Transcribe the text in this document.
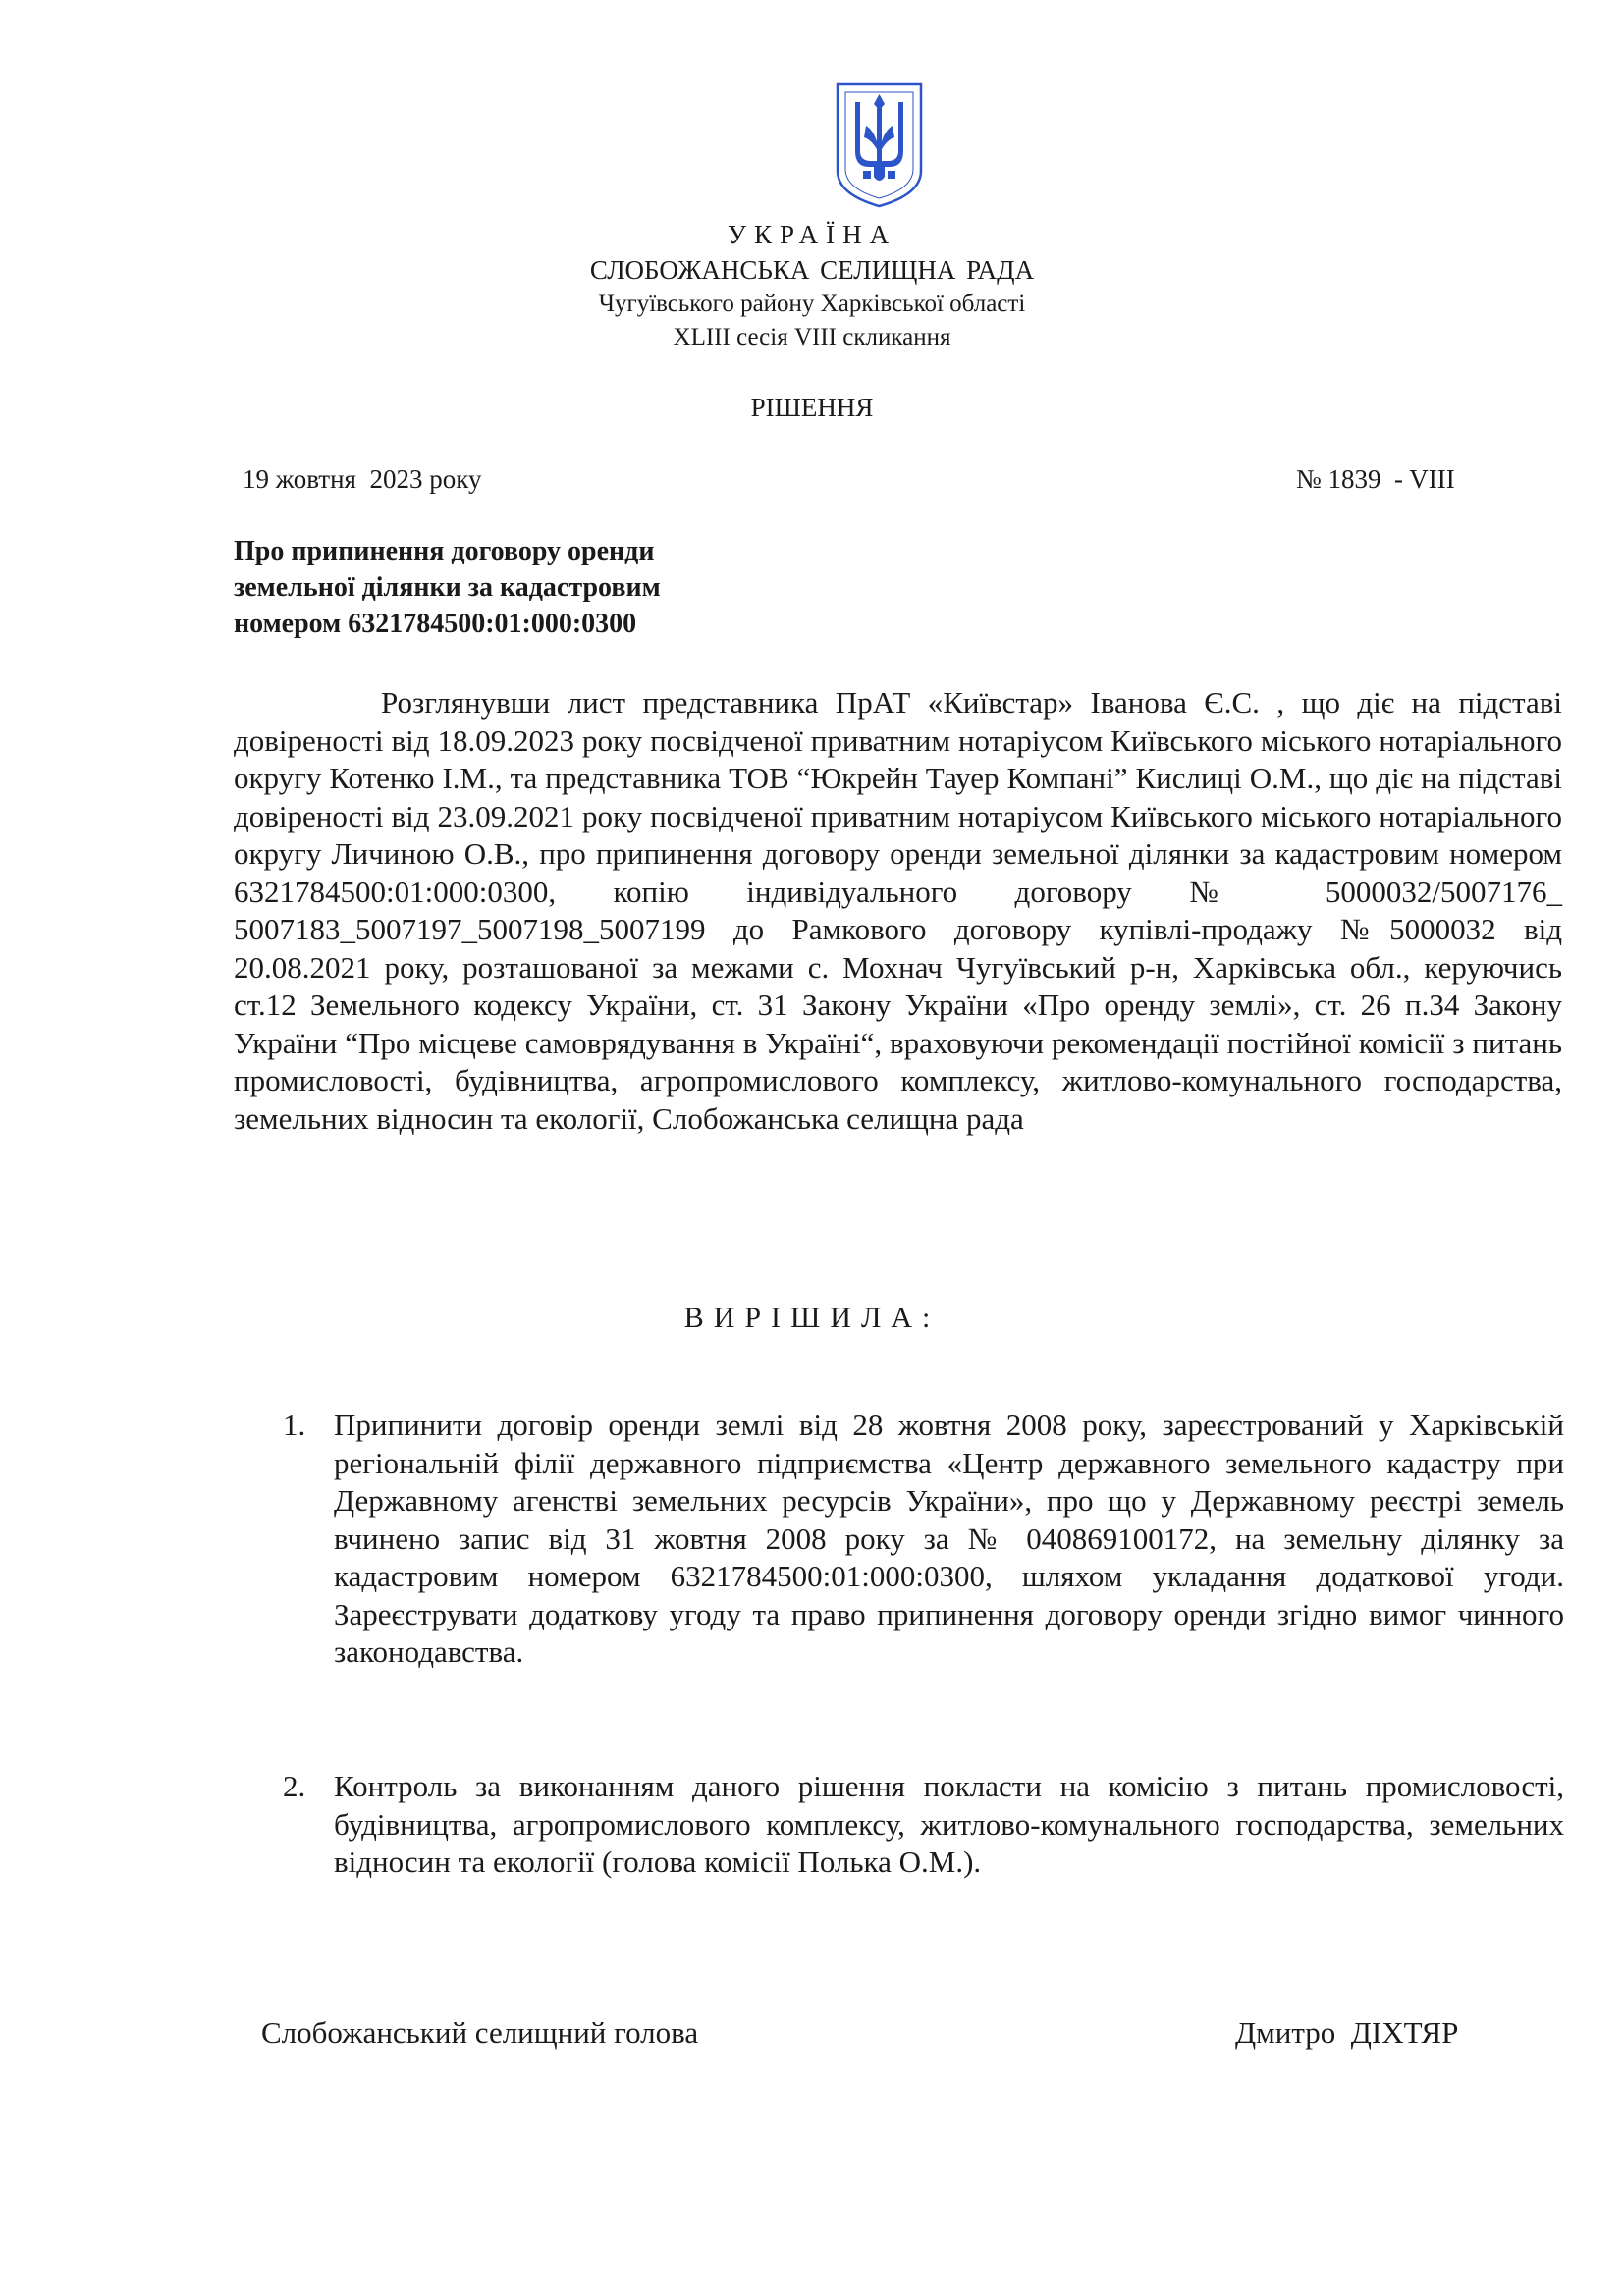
УКРАЇНА
СЛОБОЖАНСЬКА СЕЛИЩНА РАДА
Чугуївського району Харківської області
XLIII сесія VIII скликання
РІШЕННЯ
19 жовтня  2023 року	№ 1839  - VIII
Про припинення договору оренди
земельної ділянки за кадастровим
номером 6321784500:01:000:0300
Розглянувши лист представника ПрАТ «Київстар» Іванова Є.С. , що діє на підставі довіреності від 18.09.2023 року посвідченої приватним нотаріусом Київського міського нотаріального округу Котенко І.М., та представника ТОВ “Юкрейн Тауер Компані” Кислиці О.М., що діє на підставі довіреності від 23.09.2021 року посвідченої приватним нотаріусом Київського міського нотаріального округу Личиною О.В., про припинення договору оренди земельної ділянки за кадастровим номером 6321784500:01:000:0300, копію індивідуального договору № 5000032/5007176_ 5007183_5007197_5007198_5007199 до Рамкового договору купівлі-продажу №5000032 від 20.08.2021 року, розташованої за межами с. Мохнач Чугуївський р-н, Харківська обл., керуючись ст.12 Земельного кодексу України, ст. 31 Закону України «Про оренду землі», ст. 26 п.34 Закону України “Про місцеве самоврядування в Україні“, враховуючи рекомендації постійної комісії з питань промисловості, будівництва, агропромислового комплексу, житлово-комунального господарства, земельних відносин та екології, Слобожанська селищна рада
ВИРІШИЛА:
1. Припинити договір оренди землі від 28 жовтня 2008 року, зареєстрований у Харківській регіональній філії державного підприємства «Центр державного земельного кадастру при Державному агенстві земельних ресурсів України», про що у Державному реєстрі земель вчинено запис від 31 жовтня 2008 року за № 040869100172, на земельну ділянку за кадастровим номером 6321784500:01:000:0300, шляхом укладання додаткової угоди. Зареєструвати додаткову угоду та право припинення договору оренди згідно вимог чинного законодавства.
2. Контроль за виконанням даного рішення покласти на комісію з питань промисловості, будівництва, агропромислового комплексу, житлово-комунального господарства, земельних відносин та екології (голова комісії Полька О.М.).
Слобожанський селищний голова	Дмитро  ДІХТЯР
